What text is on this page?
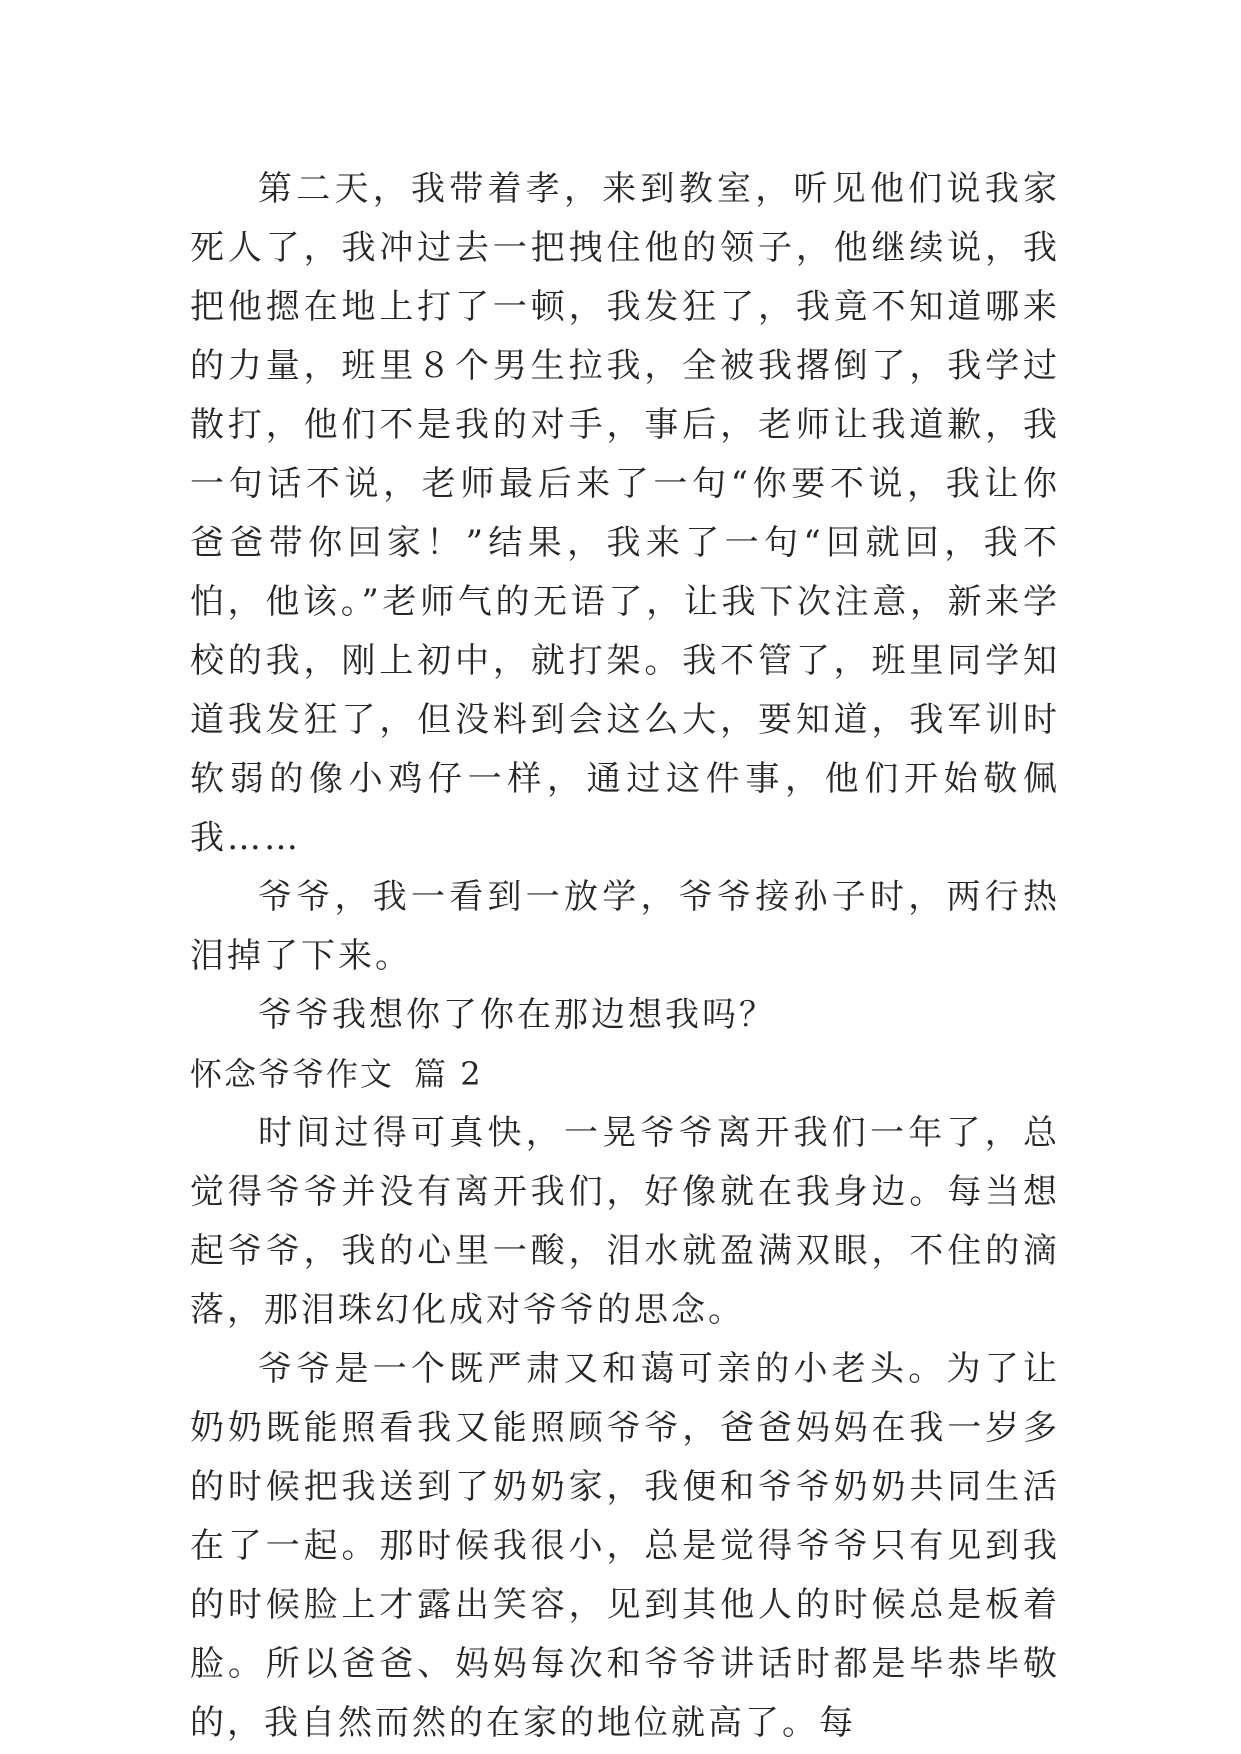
第二天，我带着孝，来到教室，听见他们说我家死人了，我冲过去一把拽住他的领子，他继续说，我把他摁在地上打了一顿，我发狂了，我竟不知道哪来的力量，班里８个男生拉我，全被我撂倒了，我学过散打，他们不是我的对手，事后，老师让我道歉，我一句话不说，老师最后来了一句“你要不说，我让你爸爸带你回家！”结果，我来了一句“回就回，我不怕，他该。”老师气的无语了，让我下次注意，新来学校的我，刚上初中，就打架。我不管了，班里同学知道我发狂了，但没料到会这么大，要知道，我军训时软弱的像小鸡仔一样，通过这件事，他们开始敬佩我……

爷爷，我一看到一放学，爷爷接孙子时，两行热泪掉了下来。

爷爷我想你了你在那边想我吗？

怀念爷爷作文 篇 2

时间过得可真快，一晃爷爷离开我们一年了，总觉得爷爷并没有离开我们，好像就在我身边。每当想起爷爷，我的心里一酸，泪水就盈满双眼，不住的滴落，那泪珠幻化成对爷爷的思念。

爷爷是一个既严肃又和蔼可亲的小老头。为了让奶奶既能照看我又能照顾爷爷，爸爸妈妈在我一岁多的时候把我送到了奶奶家，我便和爷爷奶奶共同生活在了一起。那时候我很小，总是觉得爷爷只有见到我的时候脸上才露出笑容，见到其他人的时候总是板着脸。所以爸爸、妈妈每次和爷爷讲话时都是毕恭毕敬的，我自然而然的在家的地位就高了。每
